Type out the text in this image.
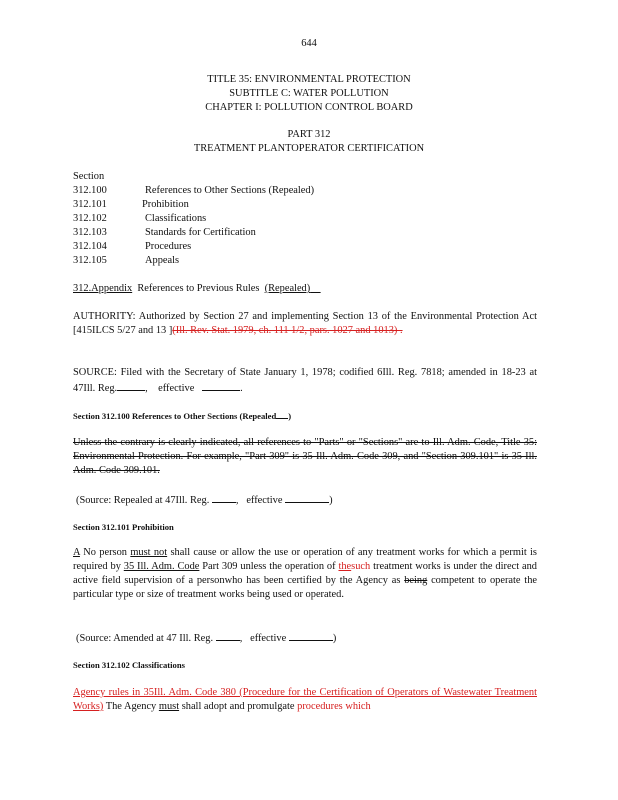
644
TITLE 35: ENVIRONMENTAL PROTECTION
SUBTITLE C: WATER POLLUTION
CHAPTER I: POLLUTION CONTROL BOARD
PART 312
TREATMENT PLANTOPERATOR CERTIFICATION
Section
312.100	References to Other Sections (Repealed)
312.101	Prohibition
312.102	Classifications
312.103	Standards for Certification
312.104	Procedures
312.105	Appeals
312.Appendix References to Previous Rules (Repealed)
AUTHORITY: Authorized by Section 27 and implementing Section 13 of the Environmental Protection Act [415ILCS 5/27 and 13 ](Ill. Rev. Stat. 1979, ch. 111 1/2, pars. 1027 and 1013) .
SOURCE: Filed with the Secretary of State January 1, 1978; codified 6Ill. Reg. 7818; amended in 18-23 at 47Ill. Reg.	,    effective	.
Section 312.100 References to Other Sections (Repealed )
Unless the contrary is clearly indicated, all references to "Parts" or "Sections" are to Ill. Adm. Code, Title 35: Environmental Protection. For example, "Part 309" is 35 Ill. Adm. Code 309, and "Section 309.101" is 35 Ill. Adm. Code 309.101.
(Source: Repealed at 47Ill. Reg.	,   effective	)
Section 312.101 Prohibition
A No person must not shall cause or allow the use or operation of any treatment works for which a permit is required by 35 Ill. Adm. Code Part 309 unless the operation of thesuch treatment works is under the direct and active field supervision of a personwho has been certified by the Agency as being competent to operate the particular type or size of treatment works being used or operated.
(Source: Amended at 47 Ill. Reg.	,   effective	)
Section 312.102 Classifications
Agency rules in 35Ill. Adm. Code 380 (Procedure for the Certification of Operators of Wastewater Treatment Works) The Agency must shall adopt and promulgate procedures which
